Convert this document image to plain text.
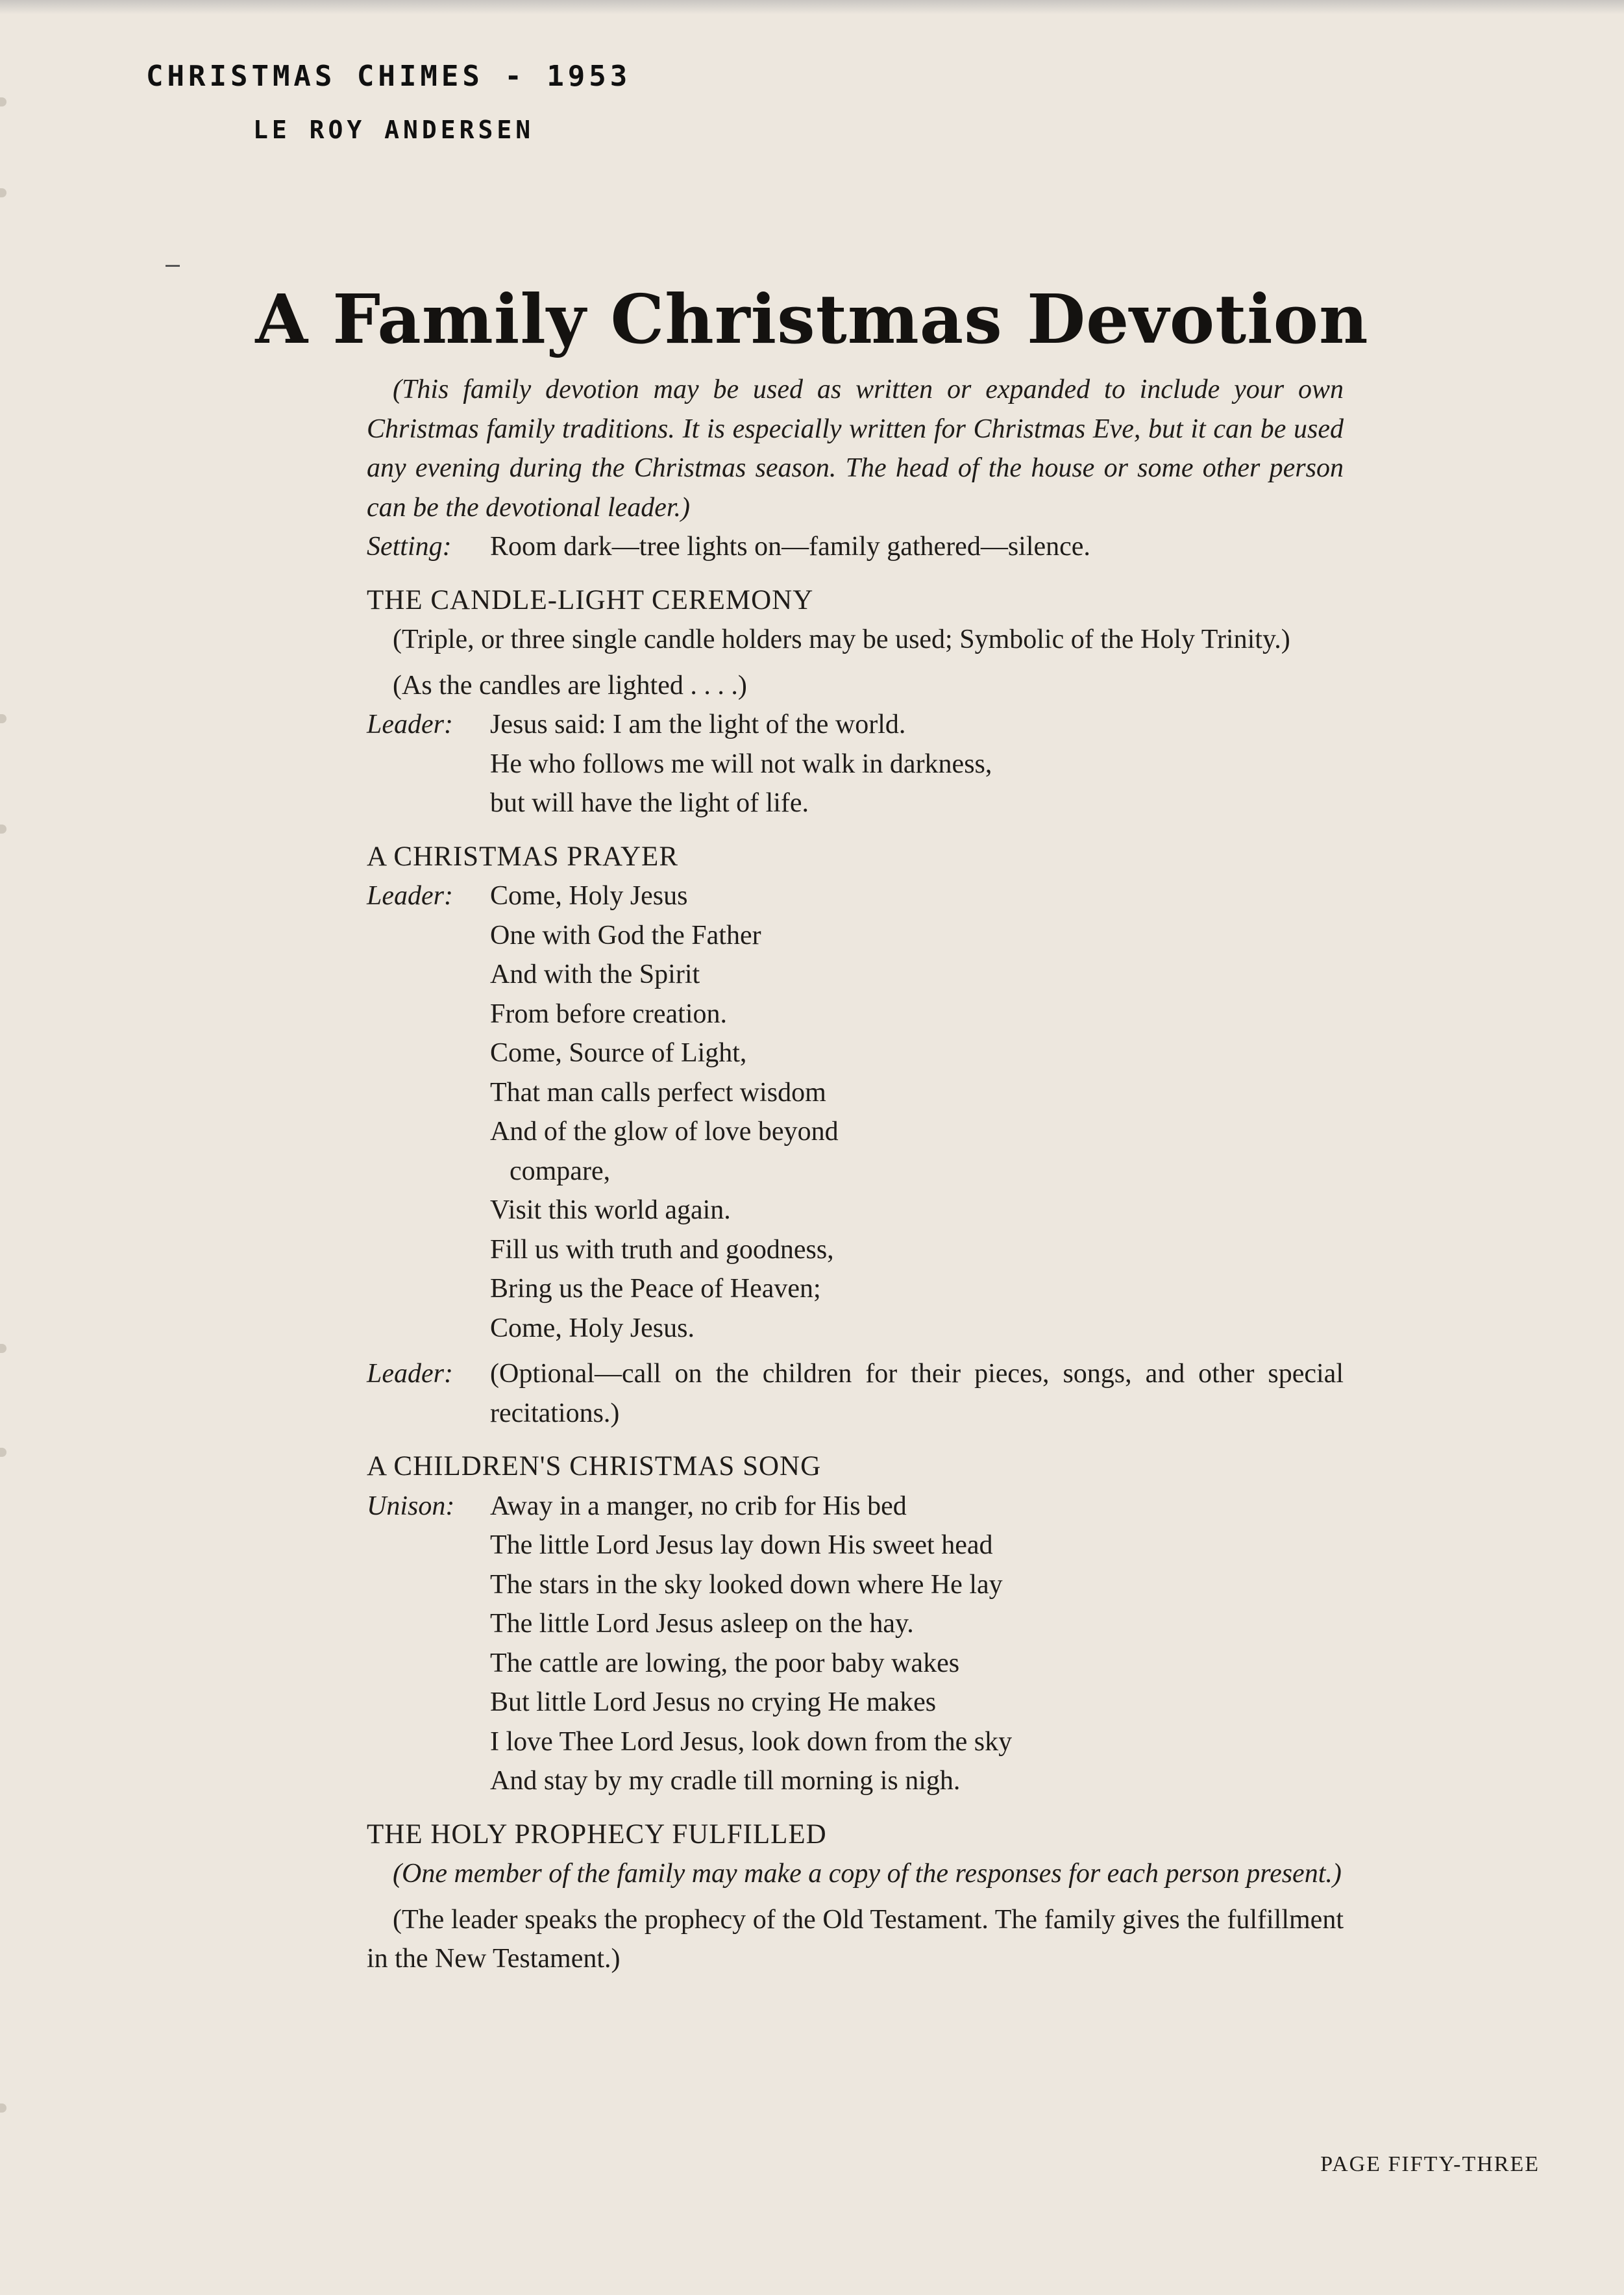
CHRISTMAS CHIMES - 1953
LE ROY ANDERSEN
A Family Christmas Devotion

(This family devotion may be used as written or expanded to include your own Christmas family traditions. It is especially written for Christmas Eve, but it can be used any evening during the Christmas season. The head of the house or some other person can be the devotional leader.)

Setting:	Room dark—tree lights on—family gathered—silence.
THE CANDLE-LIGHT CEREMONY

(Triple, or three single candle holders may be used; Symbolic of the Holy Trinity.)

(As the candles are lighted . . . .)

Leader:	Jesus said: I am the light of the world.
He who follows me will not walk in darkness,
but will have the light of life.
A CHRISTMAS PRAYER
Leader:	Come, Holy Jesus
One with God the Father
And with the Spirit
From before creation.
Come, Source of Light,
That man calls perfect wisdom
And of the glow of love beyond
compare,
Visit this world again.
Fill us with truth and goodness,
Bring us the Peace of Heaven;
Come, Holy Jesus.
Leader:	(Optional—call on the children for their pieces, songs, and other special recitations.)
A CHILDREN'S CHRISTMAS SONG
Unison:	Away in a manger, no crib for His bed
The little Lord Jesus lay down His sweet head
The stars in the sky looked down where He lay
The little Lord Jesus asleep on the hay.
The cattle are lowing, the poor baby wakes
But little Lord Jesus no crying He makes
I love Thee Lord Jesus, look down from the sky
And stay by my cradle till morning is nigh.
THE HOLY PROPHECY FULFILLED

(One member of the family may make a copy of the responses for each person present.)

(The leader speaks the prophecy of the Old Testament. The family gives the fulfillment in the New Testament.)

PAGE FIFTY-THREE
